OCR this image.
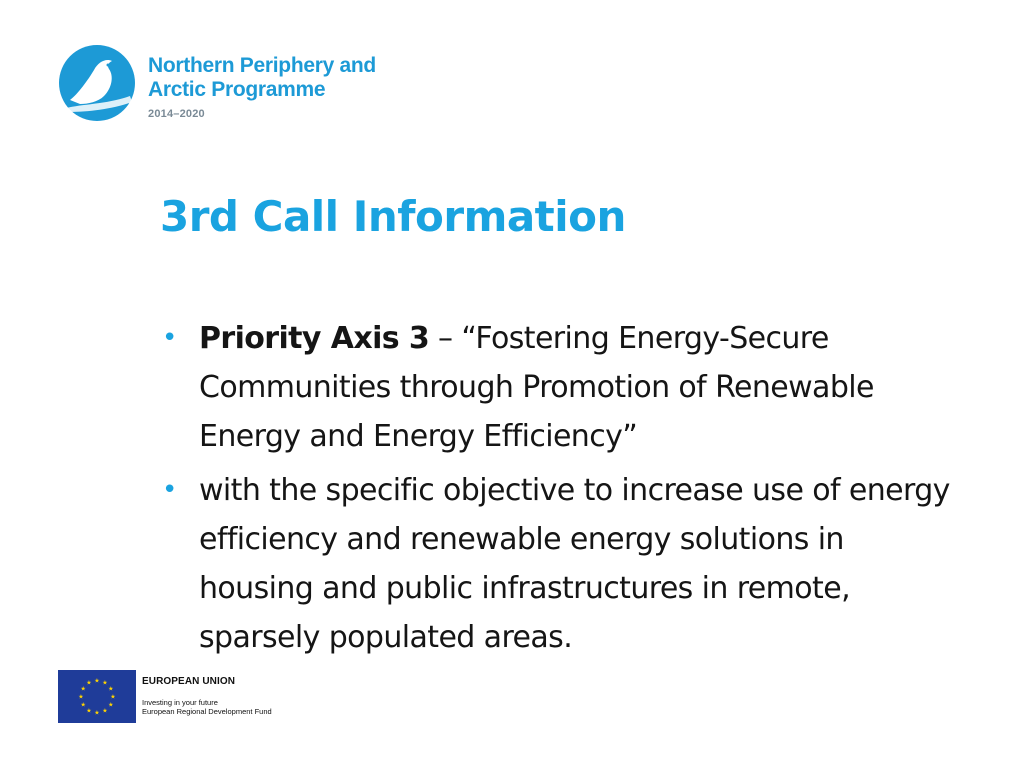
Northern Periphery and
Arctic Programme
2014–2020
3rd Call Information
• Priority Axis 3 – “Fostering Energy-Secure Communities through Promotion of Renewable Energy and Energy Efficiency”
• with the specific objective to increase use of energy efficiency and renewable energy solutions in housing and public infrastructures in remote, sparsely populated areas.
★ ★
★
★
★
★
★
★
★
★
★
★	EUROPEAN UNION
Investing in your future
European Regional Development Fund
